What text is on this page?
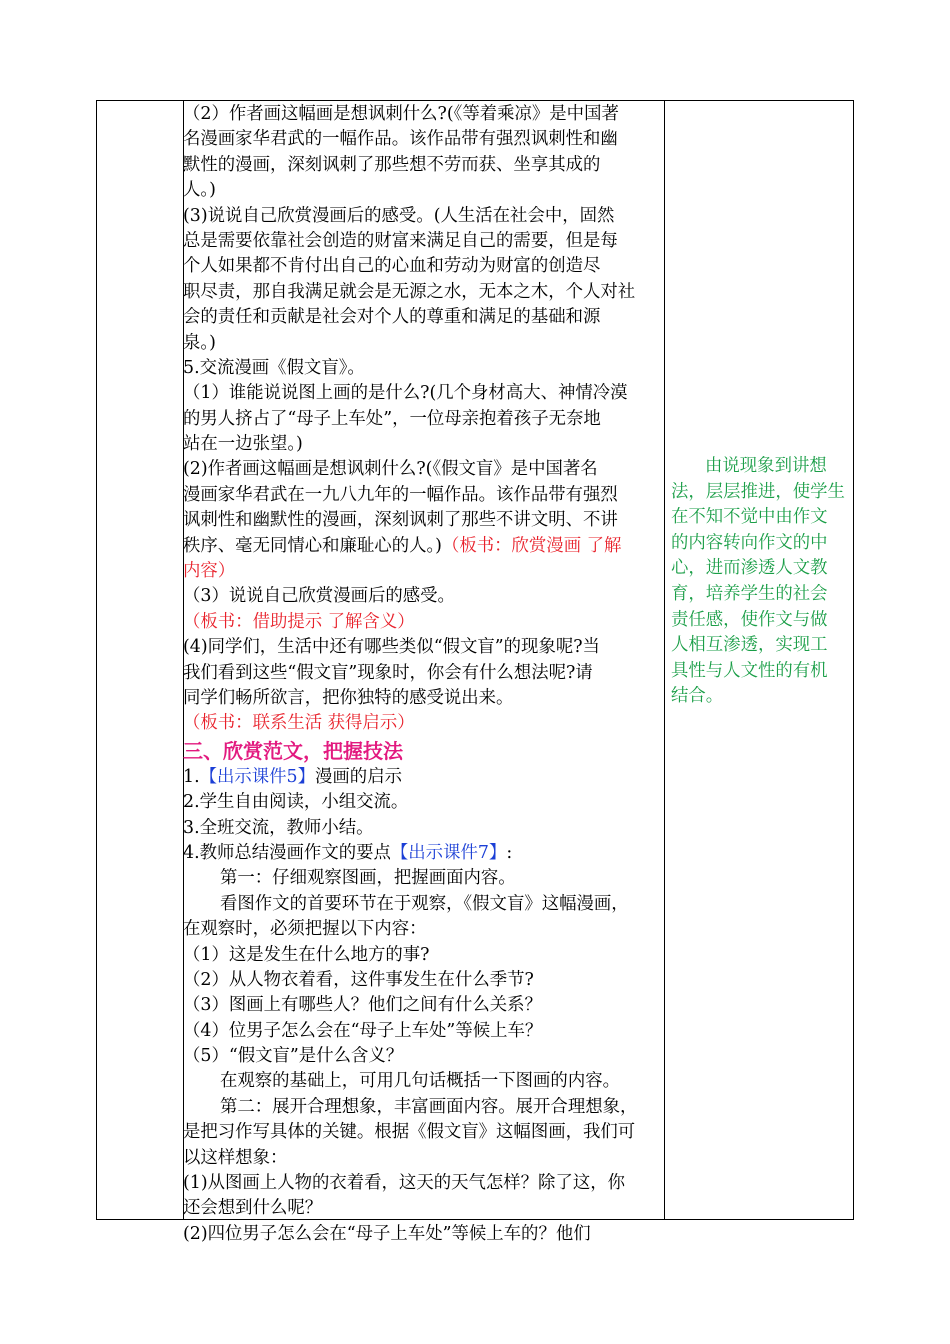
（2）作者画这幅画是想讽刺什么?(《等着乘凉》是中国著
名漫画家华君武的一幅作品。该作品带有强烈讽刺性和幽
默性的漫画，深刻讽刺了那些想不劳而获、坐享其成的
人。)
(3)说说自己欣赏漫画后的感受。(人生活在社会中，固然
总是需要依靠社会创造的财富来满足自己的需要，但是每
个人如果都不肯付出自己的心血和劳动为财富的创造尽
职尽责，那自我满足就会是无源之水，无本之木，个人对社
会的责任和贡献是社会对个人的尊重和满足的基础和源
泉。)
5.交流漫画《假文盲》。
（1）谁能说说图上画的是什么?(几个身材高大、神情冷漠
的男人挤占了“母子上车处”，一位母亲抱着孩子无奈地
站在一边张望。)
(2)作者画这幅画是想讽刺什么?(《假文盲》是中国著名
漫画家华君武在一九八九年的一幅作品。该作品带有强烈
讽刺性和幽默性的漫画，深刻讽刺了那些不讲文明、不讲
秩序、毫无同情心和廉耻心的人。)（板书：欣赏漫画 了解
内容）
（3）说说自己欣赏漫画后的感受。
（板书：借助提示 了解含义）
(4)同学们，生活中还有哪些类似“假文盲”的现象呢?当
我们看到这些“假文盲”现象时，你会有什么想法呢?请
同学们畅所欲言，把你独特的感受说出来。
（板书：联系生活 获得启示）
三、欣赏范文，把握技法
1.【出示课件5】漫画的启示
2.学生自由阅读，小组交流。
3.全班交流，教师小结。
4.教师总结漫画作文的要点【出示课件7】:
第一：仔细观察图画，把握画面内容。
看图作文的首要环节在于观察，《假文盲》这幅漫画，
在观察时，必须把握以下内容：
（1）这是发生在什么地方的事?
（2）从人物衣着看，这件事发生在什么季节?
（3）图画上有哪些人？他们之间有什么关系？
（4）位男子怎么会在“母子上车处”等候上车？
（5）“假文盲”是什么含义？
在观察的基础上，可用几句话概括一下图画的内容。
第二：展开合理想象，丰富画面内容。展开合理想象，
是把习作写具体的关键。根据《假文盲》这幅图画，我们可
以这样想象：
(1)从图画上人物的衣着看，这天的天气怎样？除了这，你
还会想到什么呢？
(2)四位男子怎么会在“母子上车处”等候上车的？他们
由说现象到讲想
法，层层推进，使学生
在不知不觉中由作文
的内容转向作文的中
心，进而渗透人文教
育，培养学生的社会
责任感，使作文与做
人相互渗透，实现工
具性与人文性的有机
结合。
